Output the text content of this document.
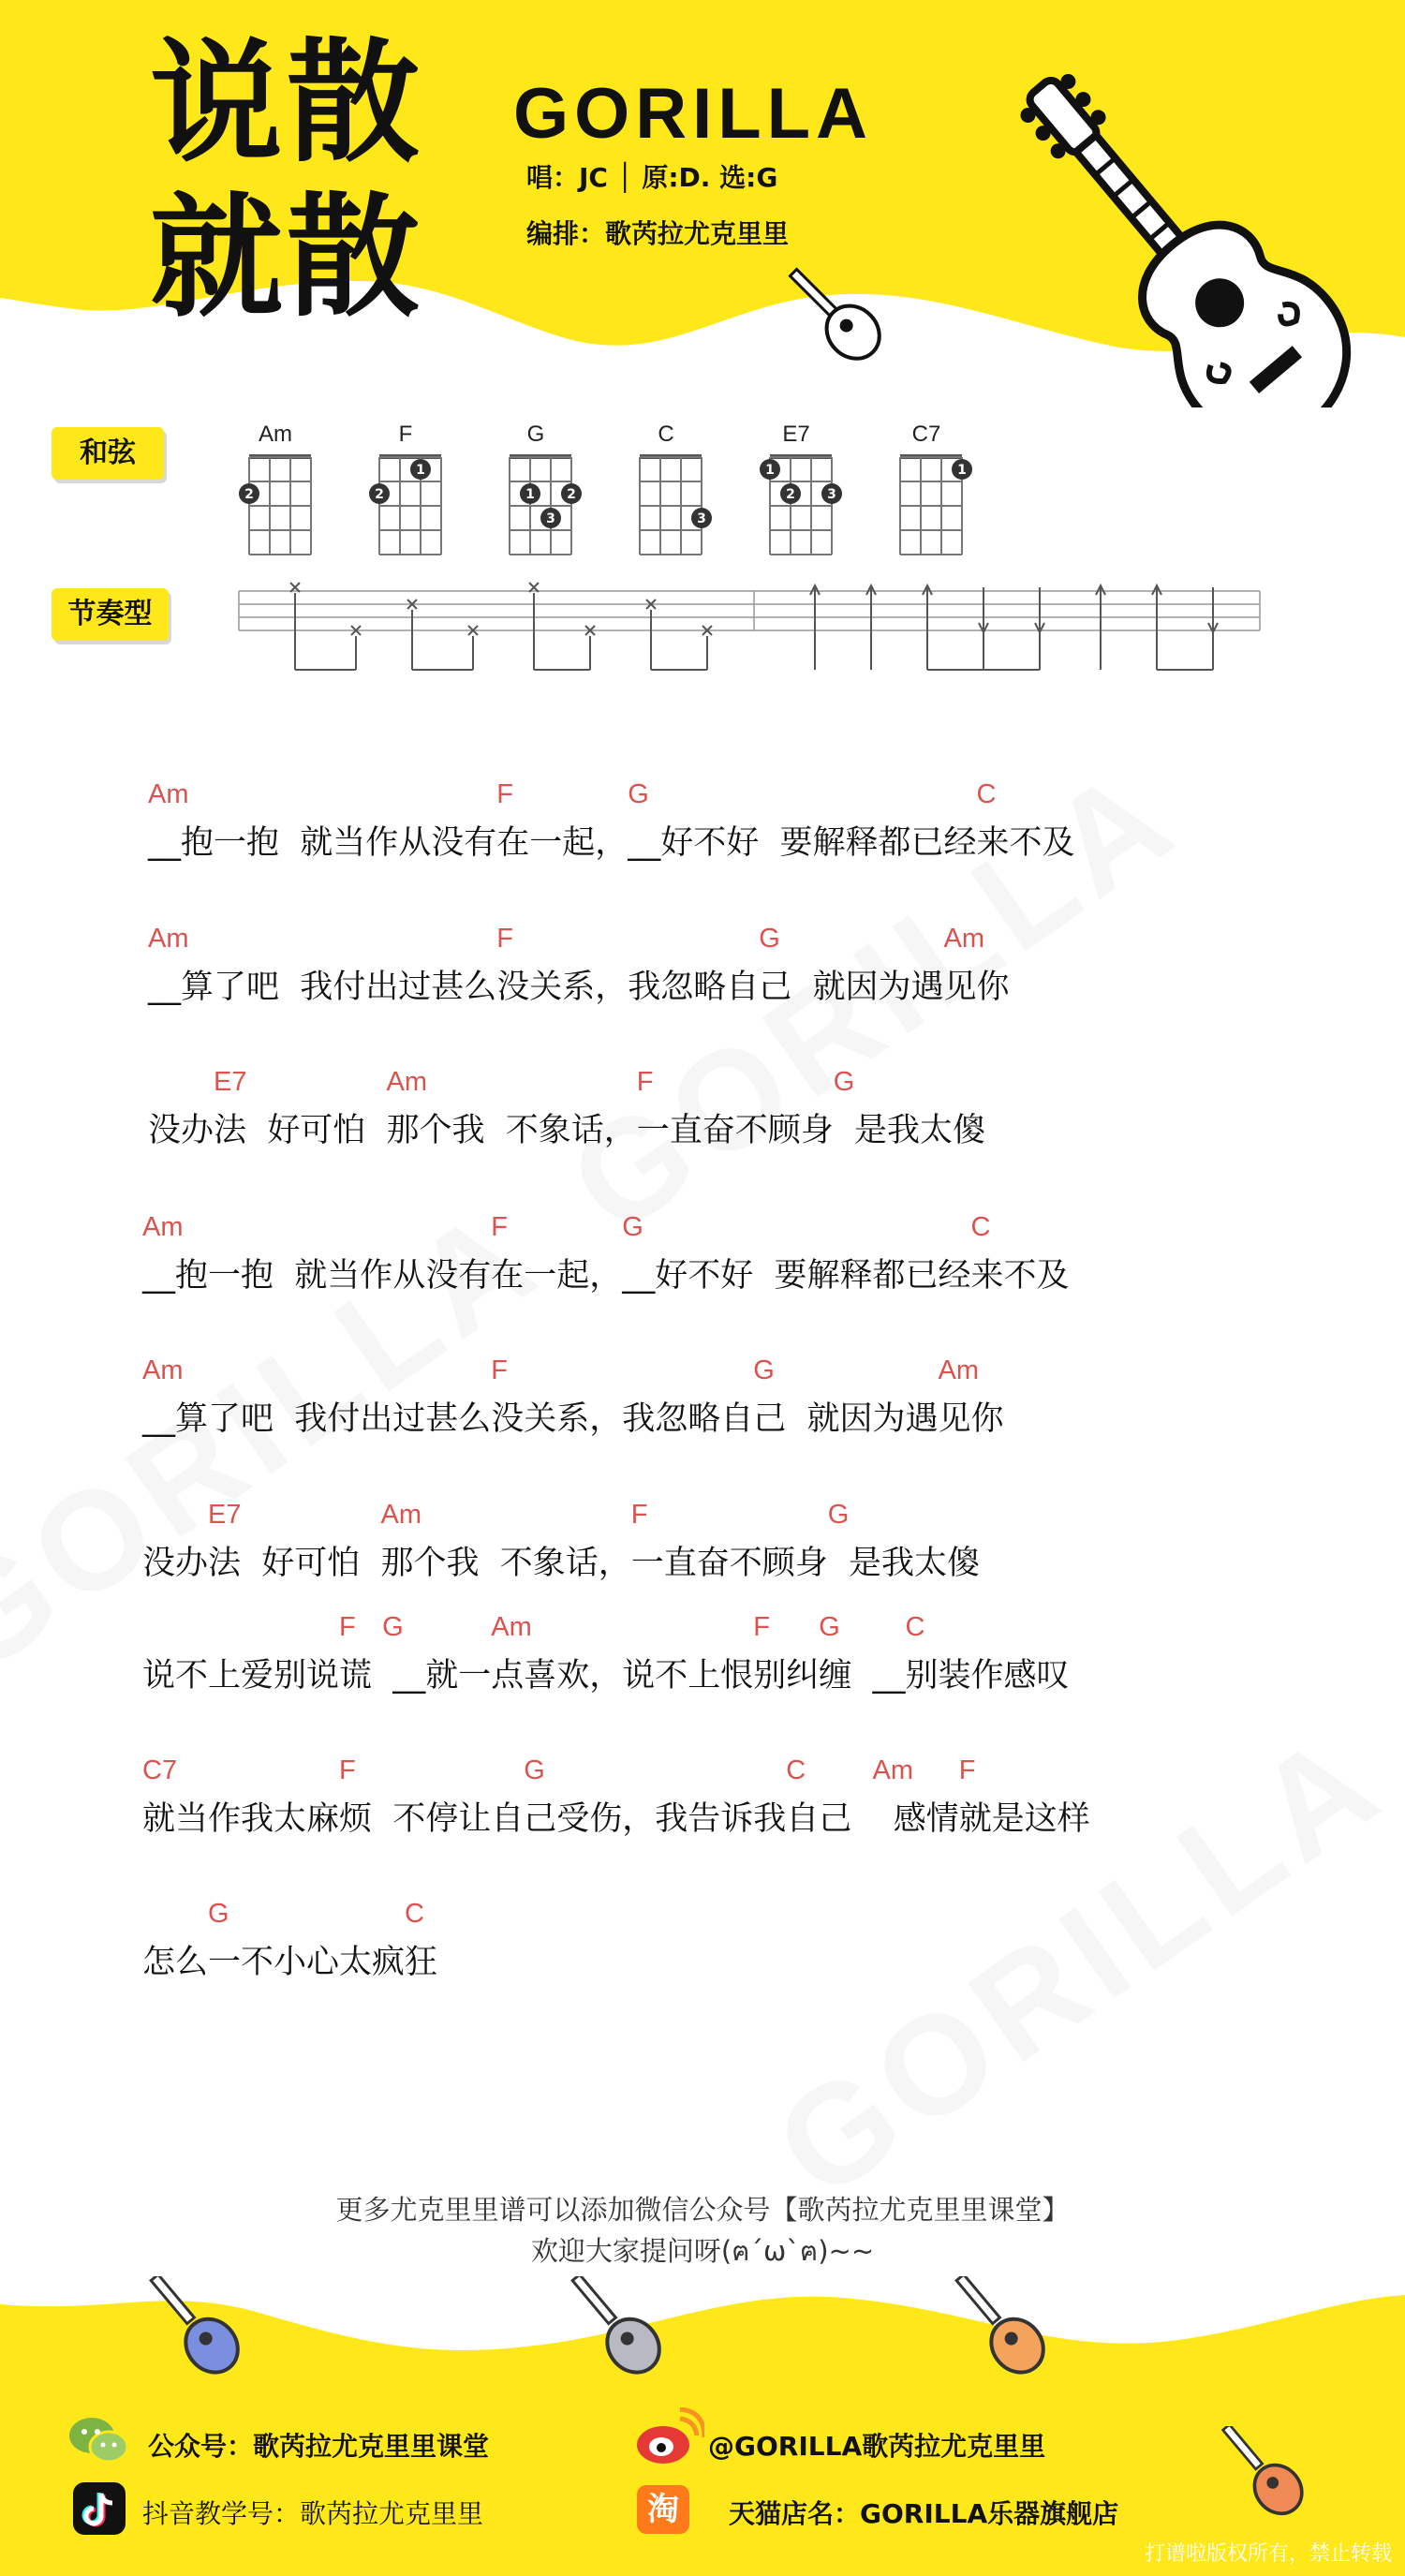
说散
就散
GORILLA
唱：JC │ 原:D. 选:G
编排：歌芮拉尤克里里
和弦
节奏型
Am
2
F
2
1
G
1 2
3
C
3
E7
1
2 3
C7
1
__抱一抱  就当作从没有在一起，__好不好  要解释都已经来不及
Am	F	G	C
__算了吧  我付出过甚么没关系，我忽略自己  就因为遇见你
Am	F	G	Am
没办法  好可怕  那个我  不象话，一直奋不顾身  是我太傻
E7	Am	F	G
__抱一抱  就当作从没有在一起，__好不好  要解释都已经来不及
Am	F	G	C
__算了吧  我付出过甚么没关系，我忽略自己  就因为遇见你
Am	F	G	Am
没办法  好可怕  那个我  不象话，一直奋不顾身  是我太傻
E7	Am	F	G
说不上爱别说谎  __就一点喜欢，说不上恨别纠缠  __别装作感叹
F G	Am	F G C
就当作我太麻烦  不停让自己受伤，我告诉我自己    感情就是这样
C7	F	G	C Am F
怎么一不小心太疯狂
G	C
更多尤克里里谱可以添加微信公众号【歌芮拉尤克里里课堂】
欢迎大家提问呀(ฅ´ω`ฅ)~~
公众号：歌芮拉尤克里里课堂	@GORILLA歌芮拉尤克里里
抖音教学号：歌芮拉尤克里里	淘	天猫店名：GORILLA乐器旗舰店
打谱啦版权所有，禁止转载
